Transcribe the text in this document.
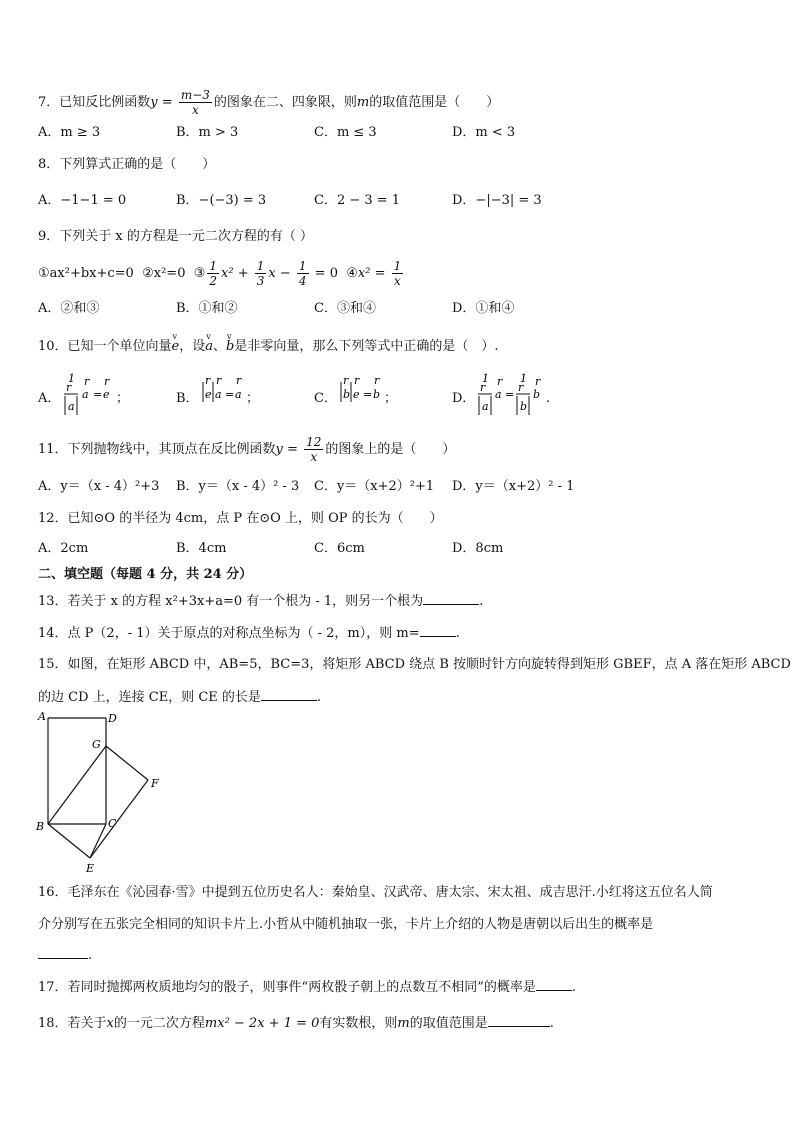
7．已知反比例函数$y = \frac{m-3}{x}$ 的图象在二、四象限，则m的取值范围是（　　）
A．m ≥ 3	B．m > 3	C．m ≤ 3	D．m < 3
8．下列算式正确的是（　　）
A．−1−1 = 0	B．−(−3) = 3	C．2 − 3 = 1	D．−|−3| = 3
9．下列关于 x 的方程是一元二次方程的有（ ）
①ax²+bx+c=0 ②x²=0 ③ $\frac{1}{2} x^2 + \frac{1}{3}$ $x - \frac{1}{4} = 0$ ④x² = $\frac{1}{x}$
A．②和③	B．①和②	C．③和④	D．①和④
10．已知一个单位向量
v
e，设
v
a、
v
b是非零向量，那么下列等式中正确的是（　）.
A．
1
r
a
r
a =
r
e ；	B．
r
e
r
a =
r
a ；	C．
r
b
r
e =
r
b ；	D．
1
r
a
r
a =
1
r
b
r
b .
11．下列抛物线中，其顶点在反比例函数$y = \frac{12}{x}$ 的图象上的是（　　）
A．y＝（x - 4）²+3 B．y＝（x - 4）² - 3 C．y＝（x+2）²+1 D．y＝（x+2）² - 1
12．已知⊙O 的半径为 4cm，点 P 在⊙O 上，则 OP 的长为（　　）
A．2cm	B．4cm	C．6cm	D．8cm
二、填空题（每题 4 分，共 24 分）
13．若关于 x 的方程 x²+3x+a=0 有一个根为 - 1，则另一个根为	.
14．点 P（2，- 1）关于原点的对称点坐标为（ - 2，m），则 m=	.
15．如图，在矩形 ABCD 中，AB=5，BC=3，将矩形 ABCD 绕点 B 按顺时针方向旋转得到矩形 GBEF，点 A 落在矩形 ABCD
的边 CD 上，连接 CE，则 CE 的长是	.
A	D
G
F
B	C
E
16．毛泽东在《沁园春·雪》中提到五位历史名人：秦始皇、汉武帝、唐太宗、宋太祖、成吉思汗.小红将这五位名人简
介分别写在五张完全相同的知识卡片上.小哲从中随机抽取一张，卡片上介绍的人物是唐朝以后出生的概率是
.
17．若同时抛掷两枚质地均匀的骰子，则事件“两枚骰子朝上的点数互不相同”的概率是	.
18．若关于x的一元二次方程mx² − 2x + 1 = 0有实数根，则m的取值范围是	.
